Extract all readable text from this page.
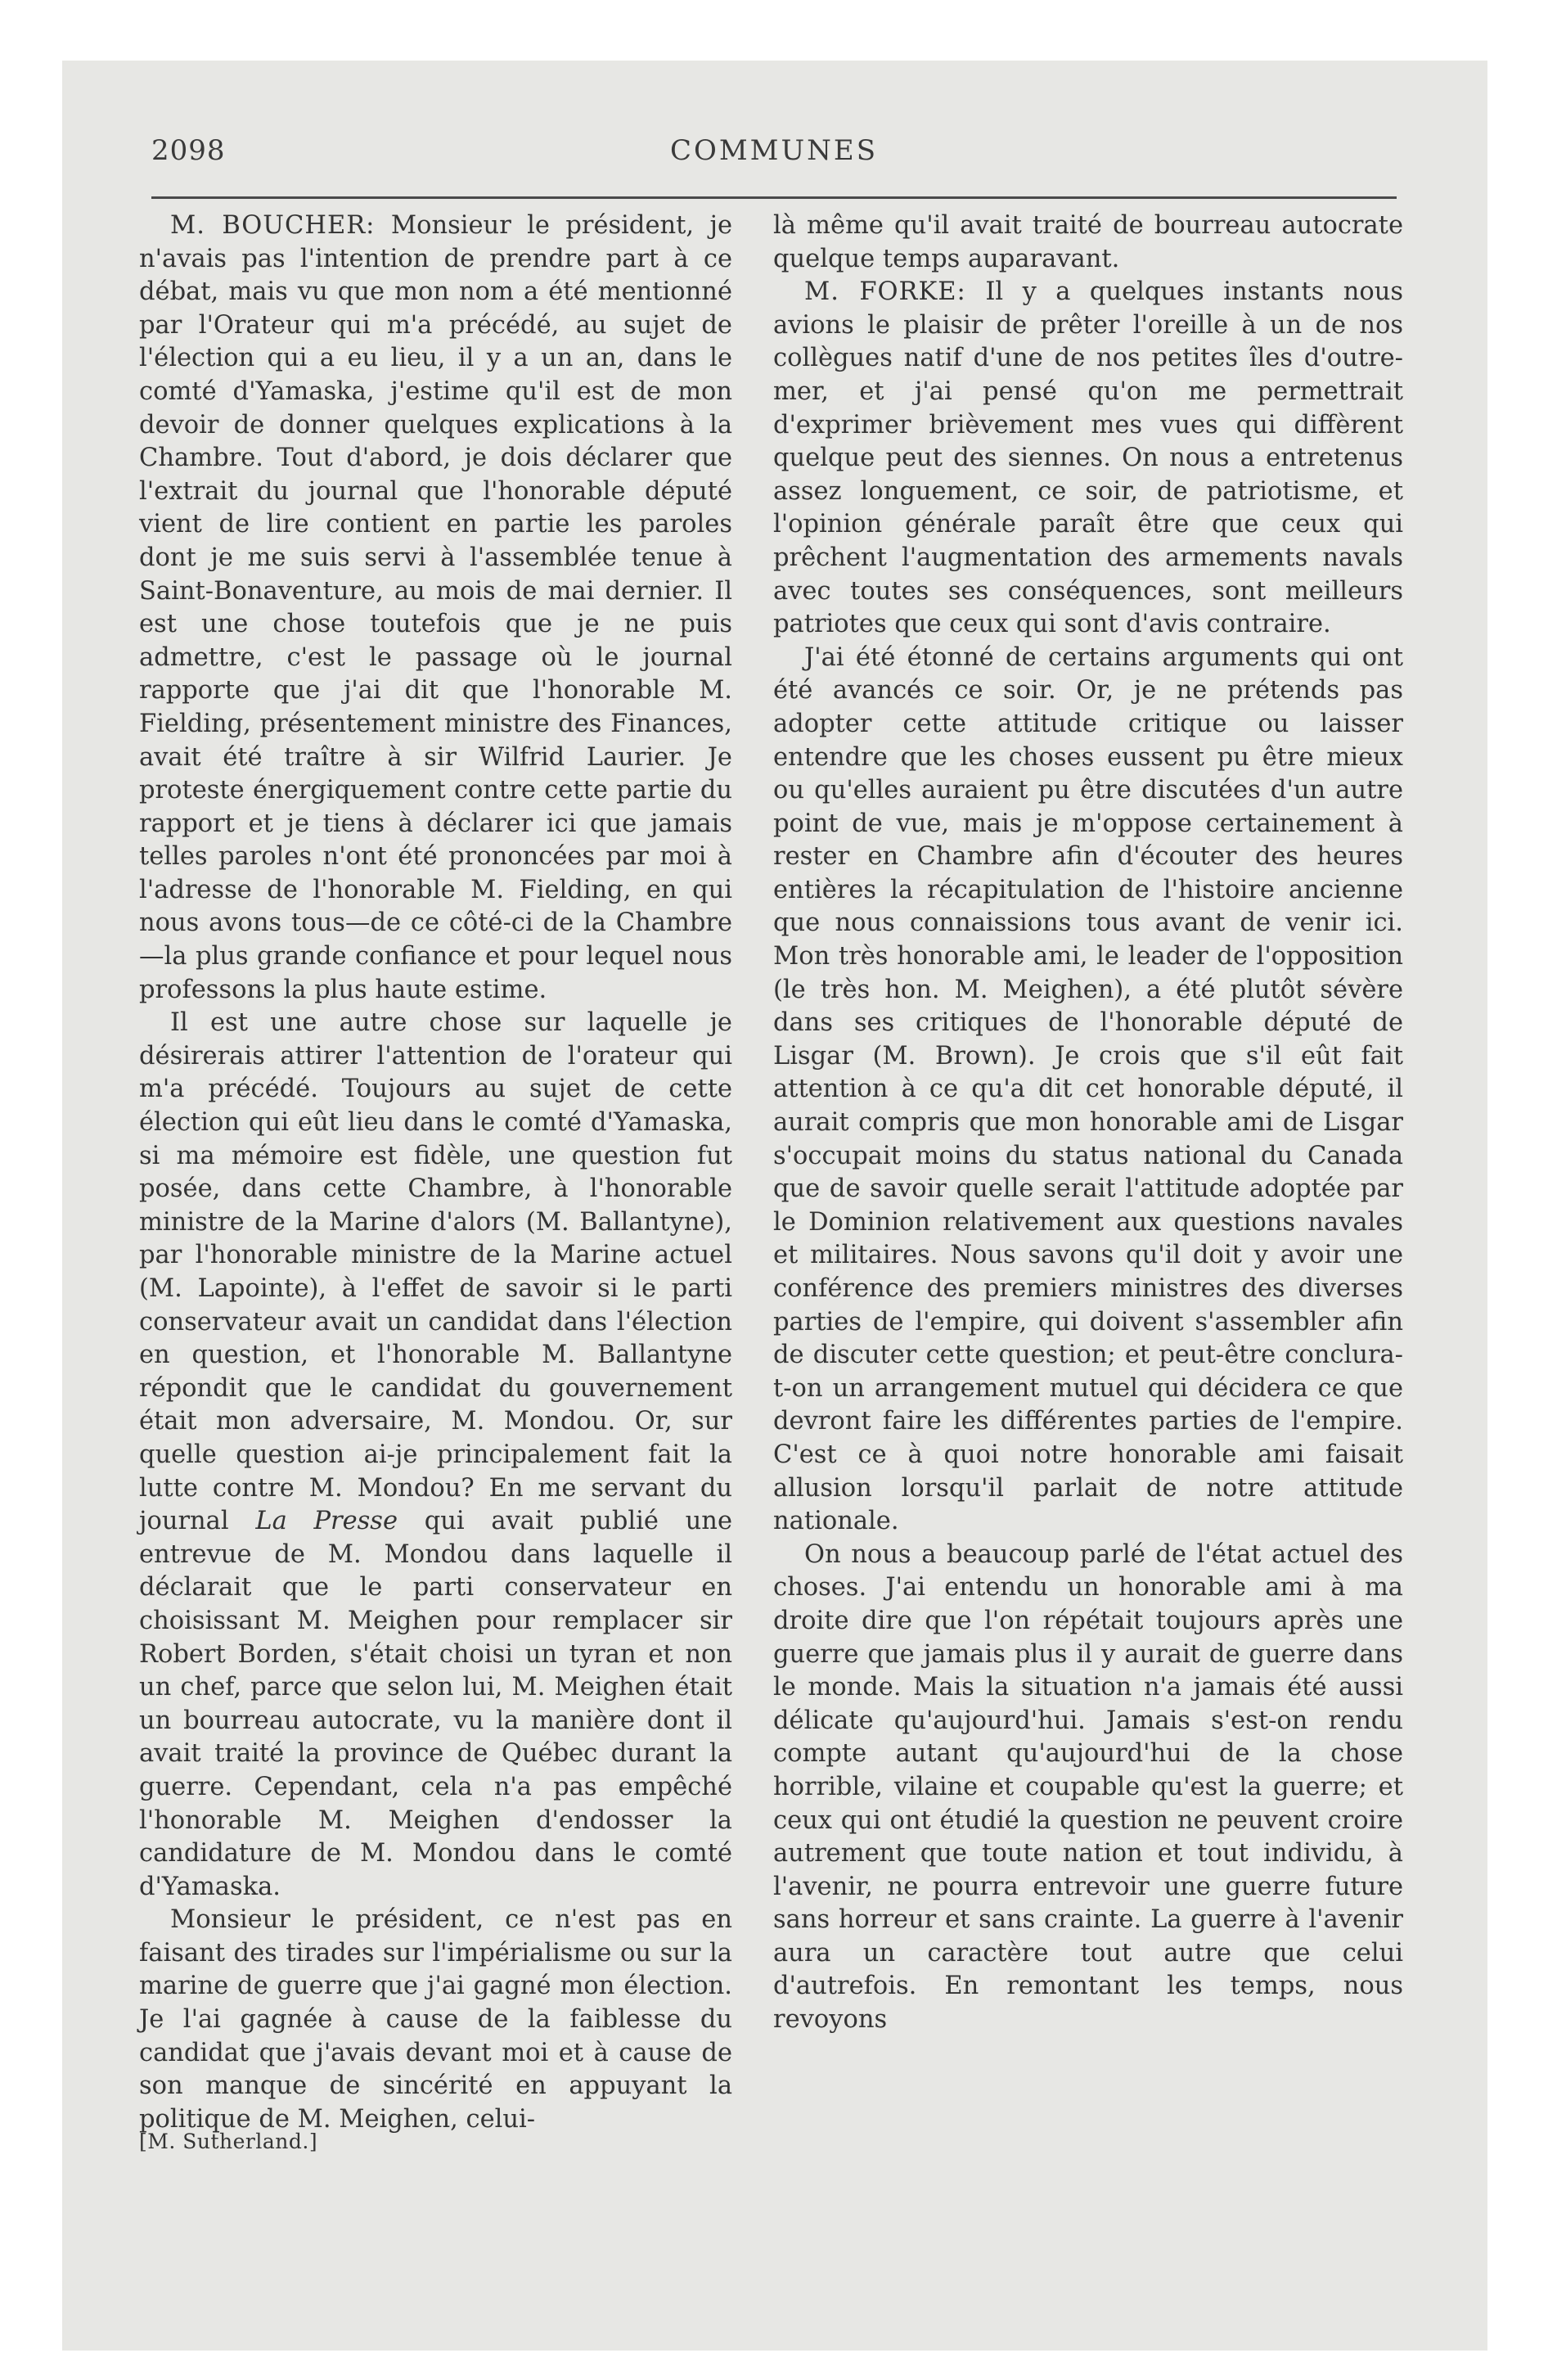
2098	COMMUNES

M. BOUCHER: Monsieur le président, je n'avais pas l'intention de prendre part à ce débat, mais vu que mon nom a été mentionné par l'Orateur qui m'a précédé, au sujet de l'élection qui a eu lieu, il y a un an, dans le comté d'Yamaska, j'estime qu'il est de mon devoir de donner quelques explications à la Chambre. Tout d'abord, je dois déclarer que l'extrait du journal que l'honorable député vient de lire contient en partie les paroles dont je me suis servi à l'assemblée tenue à Saint-Bonaventure, au mois de mai dernier. Il est une chose toutefois que je ne puis admettre, c'est le passage où le journal rapporte que j'ai dit que l'honorable M. Fielding, présentement ministre des Finances, avait été traître à sir Wilfrid Laurier. Je proteste énergiquement contre cette partie du rapport et je tiens à déclarer ici que jamais telles paroles n'ont été prononcées par moi à l'adresse de l'honorable M. Fielding, en qui nous avons tous—de ce côté-ci de la Chambre—la plus grande confiance et pour lequel nous professons la plus haute estime.

Il est une autre chose sur laquelle je désirerais attirer l'attention de l'orateur qui m'a précédé. Toujours au sujet de cette élection qui eût lieu dans le comté d'Yamaska, si ma mémoire est fidèle, une question fut posée, dans cette Chambre, à l'honorable ministre de la Marine d'alors (M. Ballantyne), par l'honorable ministre de la Marine actuel (M. Lapointe), à l'effet de savoir si le parti conservateur avait un candidat dans l'élection en question, et l'honorable M. Ballantyne répondit que le candidat du gouvernement était mon adversaire, M. Mondou. Or, sur quelle question ai-je principalement fait la lutte contre M. Mondou? En me servant du journal La Presse qui avait publié une entrevue de M. Mondou dans laquelle il déclarait que le parti conservateur en choisissant M. Meighen pour remplacer sir Robert Borden, s'était choisi un tyran et non un chef, parce que selon lui, M. Meighen était un bourreau autocrate, vu la manière dont il avait traité la province de Québec durant la guerre. Cependant, cela n'a pas empêché l'honorable M. Meighen d'endosser la candidature de M. Mondou dans le comté d'Yamaska.

Monsieur le président, ce n'est pas en faisant des tirades sur l'impérialisme ou sur la marine de guerre que j'ai gagné mon élection. Je l'ai gagnée à cause de la faiblesse du candidat que j'avais devant moi et à cause de son manque de sincérité en appuyant la politique de M. Meighen, celui-

là même qu'il avait traité de bourreau autocrate quelque temps auparavant.

M. FORKE: Il y a quelques instants nous avions le plaisir de prêter l'oreille à un de nos collègues natif d'une de nos petites îles d'outre-mer, et j'ai pensé qu'on me permettrait d'exprimer brièvement mes vues qui diffèrent quelque peut des siennes. On nous a entretenus assez longuement, ce soir, de patriotisme, et l'opinion générale paraît être que ceux qui prêchent l'augmentation des armements navals avec toutes ses conséquences, sont meilleurs patriotes que ceux qui sont d'avis contraire.

J'ai été étonné de certains arguments qui ont été avancés ce soir. Or, je ne prétends pas adopter cette attitude critique ou laisser entendre que les choses eussent pu être mieux ou qu'elles auraient pu être discutées d'un autre point de vue, mais je m'oppose certainement à rester en Chambre afin d'écouter des heures entières la récapitulation de l'histoire ancienne que nous connaissions tous avant de venir ici. Mon très honorable ami, le leader de l'opposition (le très hon. M. Meighen), a été plutôt sévère dans ses critiques de l'honorable député de Lisgar (M. Brown). Je crois que s'il eût fait attention à ce qu'a dit cet honorable député, il aurait compris que mon honorable ami de Lisgar s'occupait moins du status national du Canada que de savoir quelle serait l'attitude adoptée par le Dominion relativement aux questions navales et militaires. Nous savons qu'il doit y avoir une conférence des premiers ministres des diverses parties de l'empire, qui doivent s'assembler afin de discuter cette question; et peut-être conclura-t-on un arrangement mutuel qui décidera ce que devront faire les différentes parties de l'empire. C'est ce à quoi notre honorable ami faisait allusion lorsqu'il parlait de notre attitude nationale.

On nous a beaucoup parlé de l'état actuel des choses. J'ai entendu un honorable ami à ma droite dire que l'on répétait toujours après une guerre que jamais plus il y aurait de guerre dans le monde. Mais la situation n'a jamais été aussi délicate qu'aujourd'hui. Jamais s'est-on rendu compte autant qu'aujourd'hui de la chose horrible, vilaine et coupable qu'est la guerre; et ceux qui ont étudié la question ne peuvent croire autrement que toute nation et tout individu, à l'avenir, ne pourra entrevoir une guerre future sans horreur et sans crainte. La guerre à l'avenir aura un caractère tout autre que celui d'autrefois. En remontant les temps, nous revoyons

[M. Sutherland.]
